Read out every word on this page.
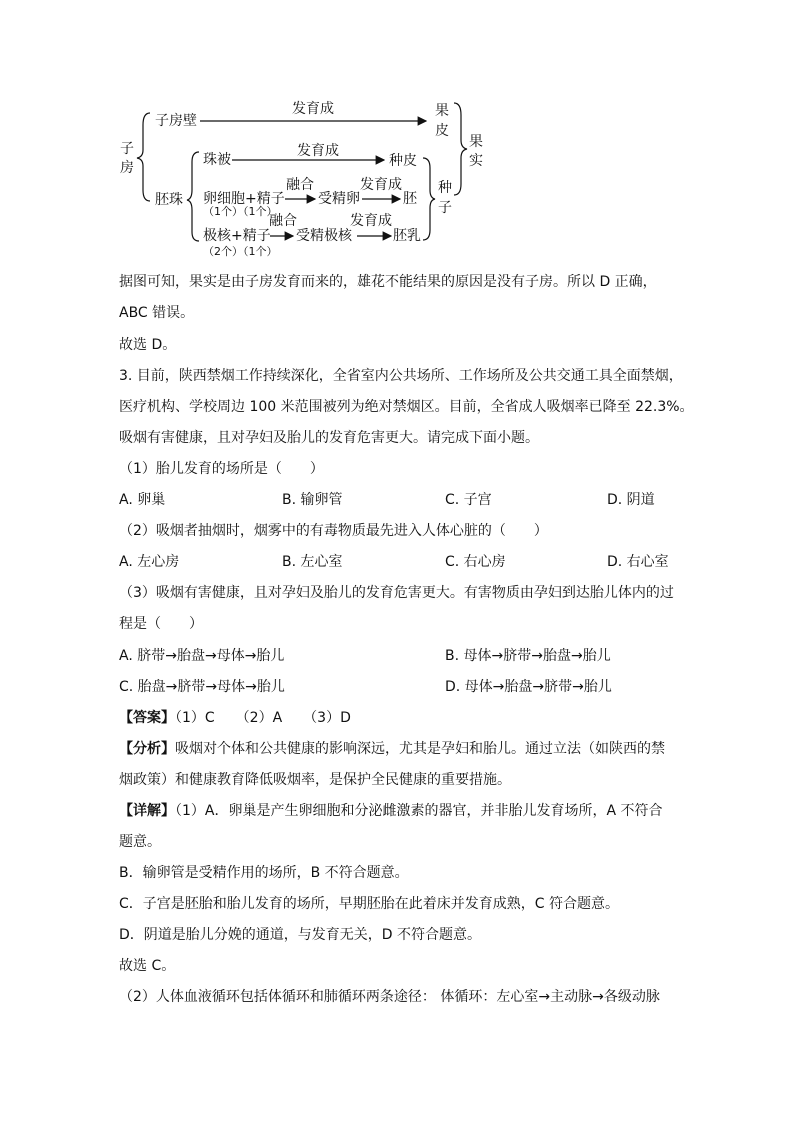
子房
子房壁
发育成	果皮
果实
胚珠
珠被
发育成
种皮
卵细胞+精子
（1个）（1个）
融合
受精卵
发育成
胚
种子
极核+精子
（2个）（1个）
融合
受精极核
发育成
胚乳
据图可知，果实是由子房发育而来的，雄花不能结果的原因是没有子房。所以 D 正确，
ABC 错误。
故选 D。
3. 目前，陕西禁烟工作持续深化，全省室内公共场所、工作场所及公共交通工具全面禁烟，
医疗机构、学校周边 100 米范围被列为绝对禁烟区。目前，全省成人吸烟率已降至 22.3%。
吸烟有害健康，且对孕妇及胎儿的发育危害更大。请完成下面小题。
（1）胎儿发育的场所是（　　）
A. 卵巢	B. 输卵管	C. 子宫	D. 阴道
（2）吸烟者抽烟时，烟雾中的有毒物质最先进入人体心脏的（　　）
A. 左心房	B. 左心室	C. 右心房	D. 右心室
（3）吸烟有害健康，且对孕妇及胎儿的发育危害更大。有害物质由孕妇到达胎儿体内的过
程是（　　）
A. 脐带→胎盘→母体→胎儿	B. 母体→脐带→胎盘→胎儿
C. 胎盘→脐带→母体→胎儿	D. 母体→胎盘→脐带→胎儿
【答案】（1）C　　（2）A　　（3）D
【分析】吸烟对个体和公共健康的影响深远，尤其是孕妇和胎儿。通过立法（如陕西的禁
烟政策）和健康教育降低吸烟率，是保护全民健康的重要措施。
【详解】（1）A．卵巢是产生卵细胞和分泌雌激素的器官，并非胎儿发育场所，A 不符合
题意。
B．输卵管是受精作用的场所，B 不符合题意。
C．子宫是胚胎和胎儿发育的场所，早期胚胎在此着床并发育成熟，C 符合题意。
D．阴道是胎儿分娩的通道，与发育无关，D 不符合题意。
故选 C。
（2）人体血液循环包括体循环和肺循环两条途径： 体循环：左心室→主动脉→各级动脉
